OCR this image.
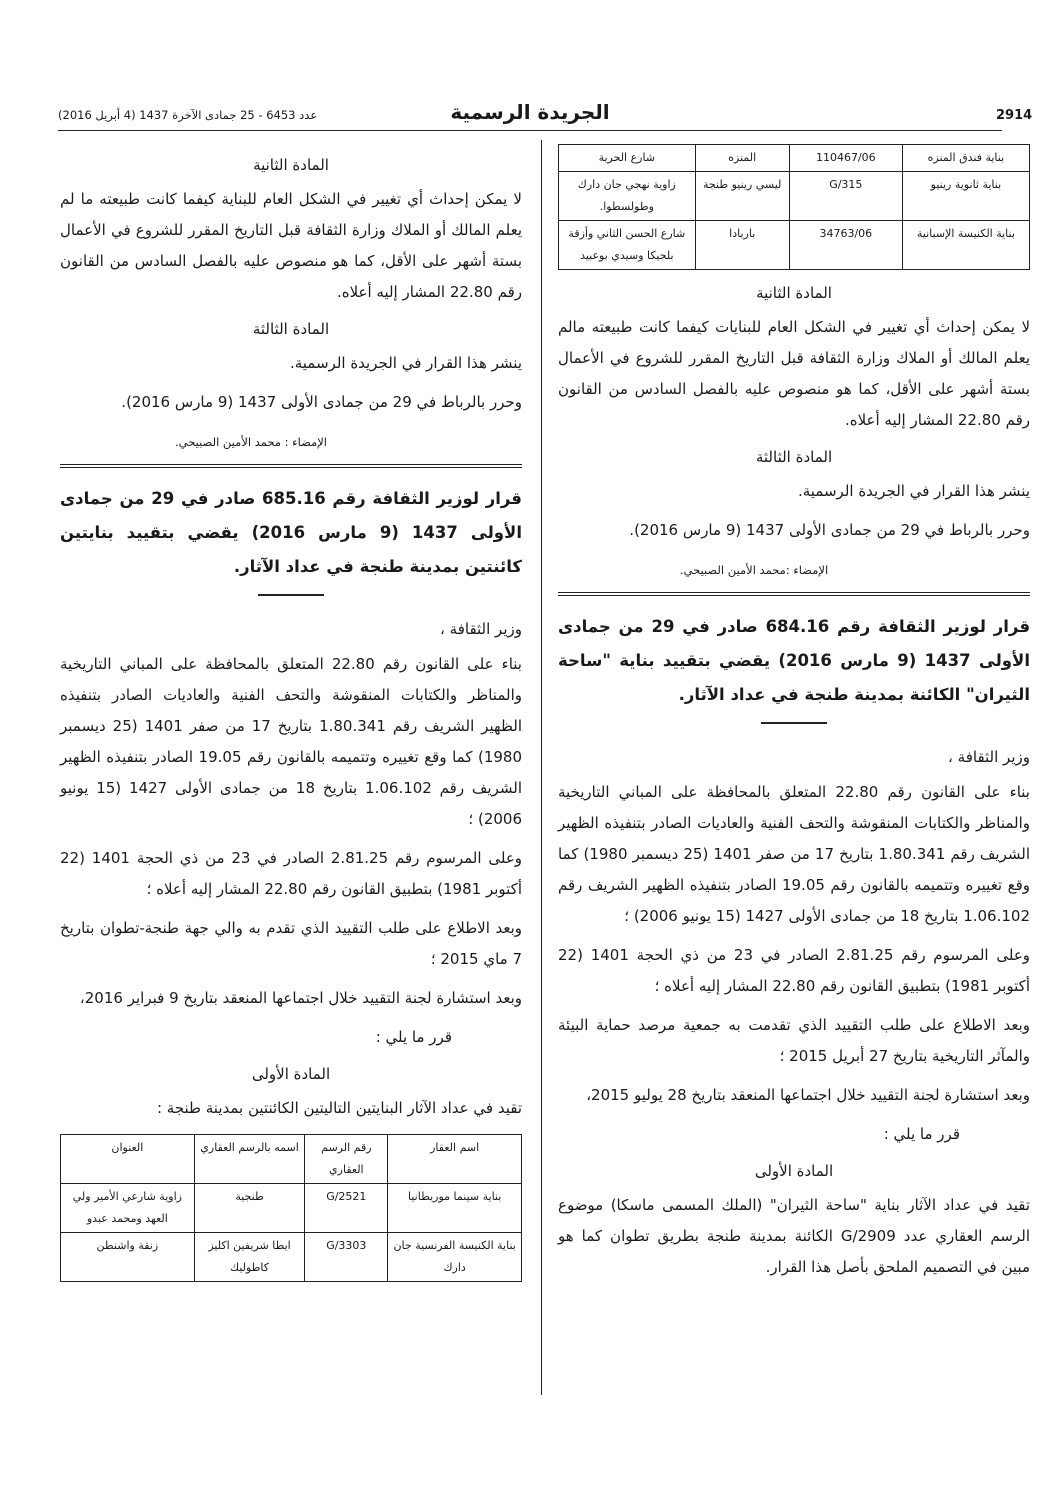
2914
الجريدة الرسمية
عدد 6453 - 25 جمادى الآخرة 1437 (4 أبريل 2016)
بناية فندق المنزه	110467/06	المنزه	شارع الحرية
بناية ثانوية رينيو	G/315	ليسي رينيو طنجة	زاوية نهجي جان دارك وطولسطوا.
بناية الكنيسة الإسبانية	34763/06	باربادا	شارع الحسن الثاني وأزقة بلجيكا وسيدي بوعبيد
المادة الثانية

لا يمكن إحداث أي تغيير في الشكل العام للبنايات كيفما كانت طبيعته مالم يعلم المالك أو الملاك وزارة الثقافة قبل التاريخ المقرر للشروع في الأعمال بستة أشهر على الأقل، كما هو منصوص عليه بالفصل السادس من القانون رقم 22.80 المشار إليه أعلاه.

المادة الثالثة

ينشر هذا القرار في الجريدة الرسمية.

وحرر بالرباط في 29 من جمادى الأولى 1437 (9 مارس 2016).

الإمضاء :محمد الأمين الصبيحي.

قرار لوزير الثقافة رقم 684.16 صادر في 29 من جمادى الأولى 1437 (9 مارس 2016) يقضي بتقييد بناية "ساحة الثيران" الكائنة بمدينة طنجة في عداد الآثار.

وزير الثقافة ،

بناء على القانون رقم 22.80 المتعلق بالمحافظة على المباني التاريخية والمناظر والكتابات المنقوشة والتحف الفنية والعاديات الصادر بتنفيذه الظهير الشريف رقم 1.80.341 بتاريخ 17 من صفر 1401 (25 ديسمبر 1980) كما وقع تغييره وتتميمه بالقانون رقم 19.05 الصادر بتنفيذه الظهير الشريف رقم 1.06.102 بتاريخ 18 من جمادى الأولى 1427 (15 يونيو 2006) ؛

وعلى المرسوم رقم 2.81.25 الصادر في 23 من ذي الحجة 1401 (22 أكتوبر 1981) بتطبيق القانون رقم 22.80 المشار إليه أعلاه ؛

وبعد الاطلاع على طلب التقييد الذي تقدمت به جمعية مرصد حماية البيئة والمآثر التاريخية بتاريخ 27 أبريل 2015 ؛

وبعد استشارة لجنة التقييد خلال اجتماعها المنعقد بتاريخ 28 يوليو 2015،

قرر ما يلي :

المادة الأولى

تقيد في عداد الآثار بناية "ساحة الثيران" (الملك المسمى ماسكا) موضوع الرسم العقاري عدد G/2909 الكائنة بمدينة طنجة بطريق تطوان كما هو مبين في التصميم الملحق بأصل هذا القرار.

المادة الثانية

لا يمكن إحداث أي تغيير في الشكل العام للبناية كيفما كانت طبيعته ما لم يعلم المالك أو الملاك وزارة الثقافة قبل التاريخ المقرر للشروع في الأعمال بستة أشهر على الأقل، كما هو منصوص عليه بالفصل السادس من القانون رقم 22.80 المشار إليه أعلاه.

المادة الثالثة

ينشر هذا القرار في الجريدة الرسمية.

وحرر بالرباط في 29 من جمادى الأولى 1437 (9 مارس 2016).

الإمضاء : محمد الأمين الصبيحي.

قرار لوزير الثقافة رقم 685.16 صادر في 29 من جمادى الأولى 1437 (9 مارس 2016) يقضي بتقييد بنايتين كائنتين بمدينة طنجة في عداد الآثار.

وزير الثقافة ،

بناء على القانون رقم 22.80 المتعلق بالمحافظة على المباني التاريخية والمناظر والكتابات المنقوشة والتحف الفنية والعاديات الصادر بتنفيذه الظهير الشريف رقم 1.80.341 بتاريخ 17 من صفر 1401 (25 ديسمبر 1980) كما وقع تغييره وتتميمه بالقانون رقم 19.05 الصادر بتنفيذه الظهير الشريف رقم 1.06.102 بتاريخ 18 من جمادى الأولى 1427 (15 يونيو 2006) ؛

وعلى المرسوم رقم 2.81.25 الصادر في 23 من ذي الحجة 1401 (22 أكتوبر 1981) بتطبيق القانون رقم 22.80 المشار إليه أعلاه ؛

وبعد الاطلاع على طلب التقييد الذي تقدم به والي جهة طنجة-تطوان بتاريخ 7 ماي 2015 ؛

وبعد استشارة لجنة التقييد خلال اجتماعها المنعقد بتاريخ 9 فبراير 2016،

قرر ما يلي :

المادة الأولى

تقيد في عداد الآثار البنايتين التاليتين الكائنتين بمدينة طنجة :

اسم العقار	رقم الرسم العقاري	اسمه بالرسم العقاري	العنوان
بناية سينما موريطانيا	G/2521	طنجية	زاوية شارعي الأمير ولي العهد ومحمد عبدو
بناية الكنيسة الفرنسية جان دارك	G/3303	ايطا شريفين اكليز كاطوليك	زنقة واشنطن
